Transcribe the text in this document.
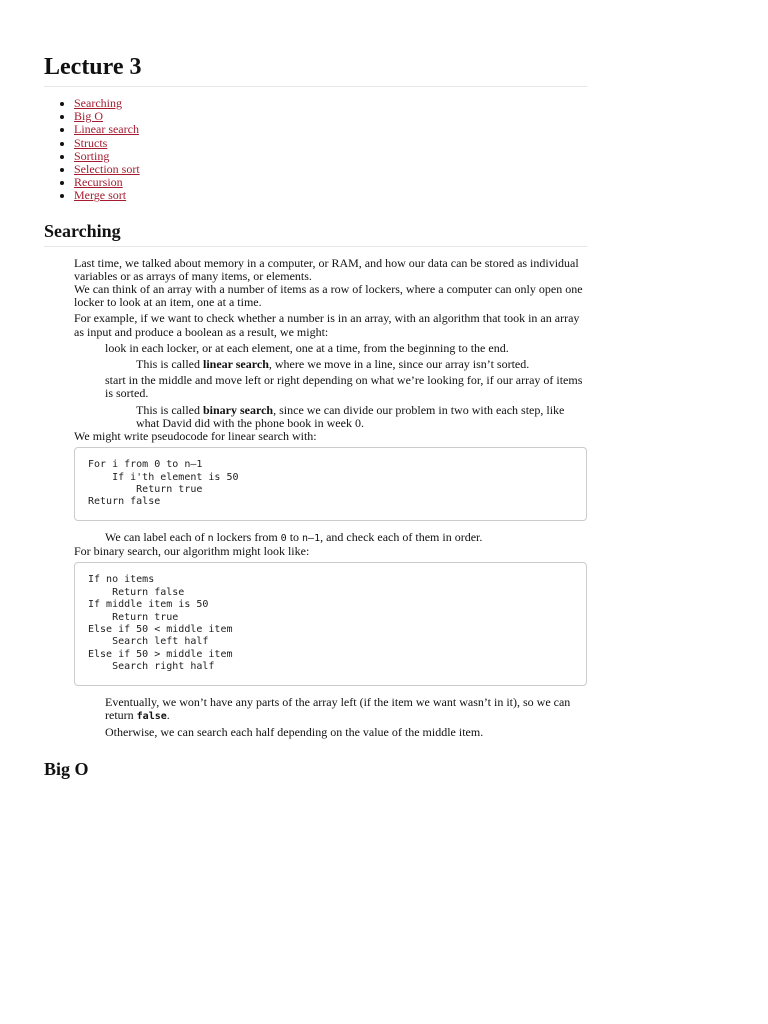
Lecture 3
• Searching
• Big O
• Linear search
• Structs
• Sorting
• Selection sort
• Recursion
• Merge sort
Searching

Last time, we talked about memory in a computer, or RAM, and how our data can be stored as individual variables or as arrays of many items, or elements.

We can think of an array with a number of items as a row of lockers, where a computer can only open one locker to look at an item, one at a time.

For example, if we want to check whether a number is in an array, with an algorithm that took in an array as input and produce a boolean as a result, we might:

look in each locker, or at each element, one at a time, from the beginning to the end.

This is called linear search, where we move in a line, since our array isn’t sorted.

start in the middle and move left or right depending on what we’re looking for, if our array of items is sorted.

This is called binary search, since we can divide our problem in two with each step, like what David did with the phone book in week 0.

We might write pseudocode for linear search with:

For i from 0 to n–1
If i'th element is 50
Return true
Return false

We can label each of n lockers from 0 to n–1, and check each of them in order.

For binary search, our algorithm might look like:

If no items
Return false
If middle item is 50
Return true
Else if 50 < middle item
Search left half
Else if 50 > middle item
Search right half

Eventually, we won’t have any parts of the array left (if the item we want wasn’t in it), so we can return false.

Otherwise, we can search each half depending on the value of the middle item.

Big O
